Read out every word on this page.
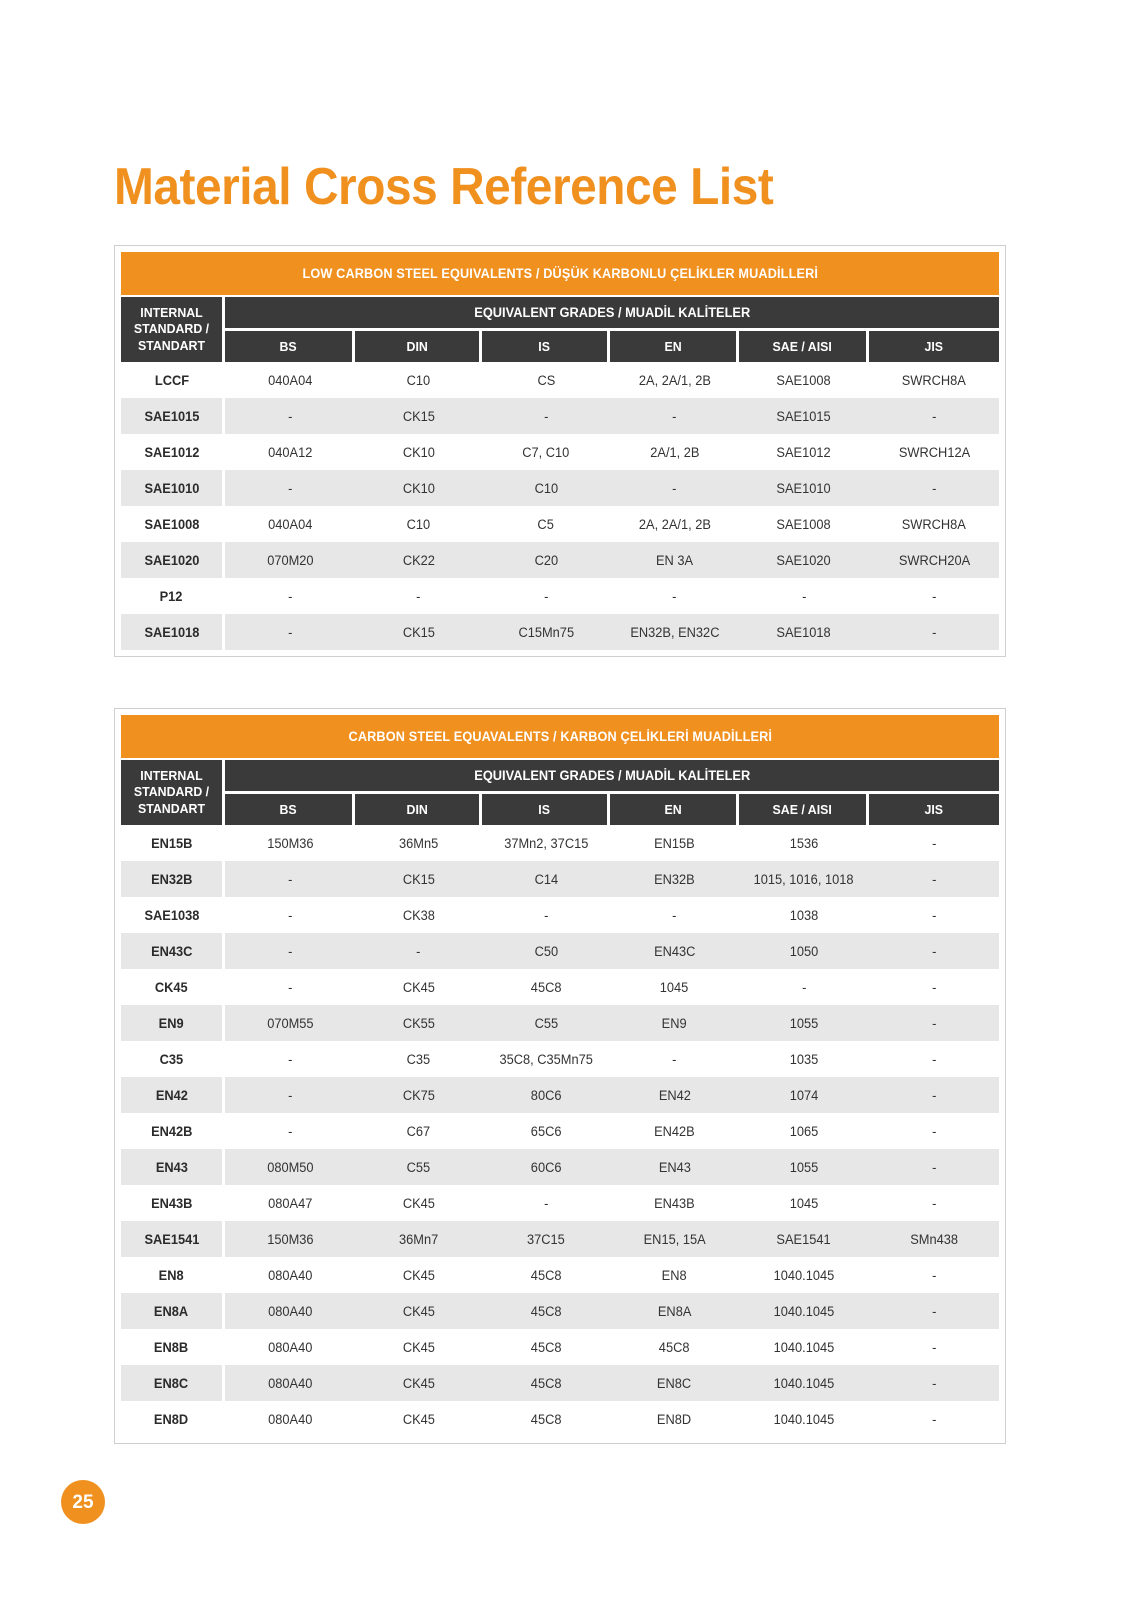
Material Cross Reference List
LOW CARBON STEEL EQUIVALENTS / DÜŞÜK KARBONLU ÇELİKLER MUADİLLERİ						
INTERNAL STANDARD / STANDART	EQUIVALENT GRADES / MUADİL KALİTELER					
	BS	DIN	IS	EN	SAE / AISI	JIS
LCCF	040A04	C10	CS	2A, 2A/1, 2B	SAE1008	SWRCH8A
SAE1015	-	CK15	-	-	SAE1015	-
SAE1012	040A12	CK10	C7, C10	2A/1, 2B	SAE1012	SWRCH12A
SAE1010	-	CK10	C10	-	SAE1010	-
SAE1008	040A04	C10	C5	2A, 2A/1, 2B	SAE1008	SWRCH8A
SAE1020	070M20	CK22	C20	EN 3A	SAE1020	SWRCH20A
P12	-	-	-	-	-	-
SAE1018	-	CK15	C15Mn75	EN32B, EN32C	SAE1018	-
CARBON STEEL EQUAVALENTS / KARBON ÇELİKLERİ MUADİLLERİ						
INTERNAL STANDARD / STANDART	EQUIVALENT GRADES / MUADİL KALİTELER					
	BS	DIN	IS	EN	SAE / AISI	JIS
EN15B	150M36	36Mn5	37Mn2, 37C15	EN15B	1536	-
EN32B	-	CK15	C14	EN32B	1015, 1016, 1018	-
SAE1038	-	CK38	-	-	1038	-
EN43C	-	-	C50	EN43C	1050	-
CK45	-	CK45	45C8	1045	-	-
EN9	070M55	CK55	C55	EN9	1055	-
C35	-	C35	35C8, C35Mn75	-	1035	-
EN42	-	CK75	80C6	EN42	1074	-
EN42B	-	C67	65C6	EN42B	1065	-
EN43	080M50	C55	60C6	EN43	1055	-
EN43B	080A47	CK45	-	EN43B	1045	-
SAE1541	150M36	36Mn7	37C15	EN15, 15A	SAE1541	SMn438
EN8	080A40	CK45	45C8	EN8	1040.1045	-
EN8A	080A40	CK45	45C8	EN8A	1040.1045	-
EN8B	080A40	CK45	45C8	45C8	1040.1045	-
EN8C	080A40	CK45	45C8	EN8C	1040.1045	-
EN8D	080A40	CK45	45C8	EN8D	1040.1045	-
25
